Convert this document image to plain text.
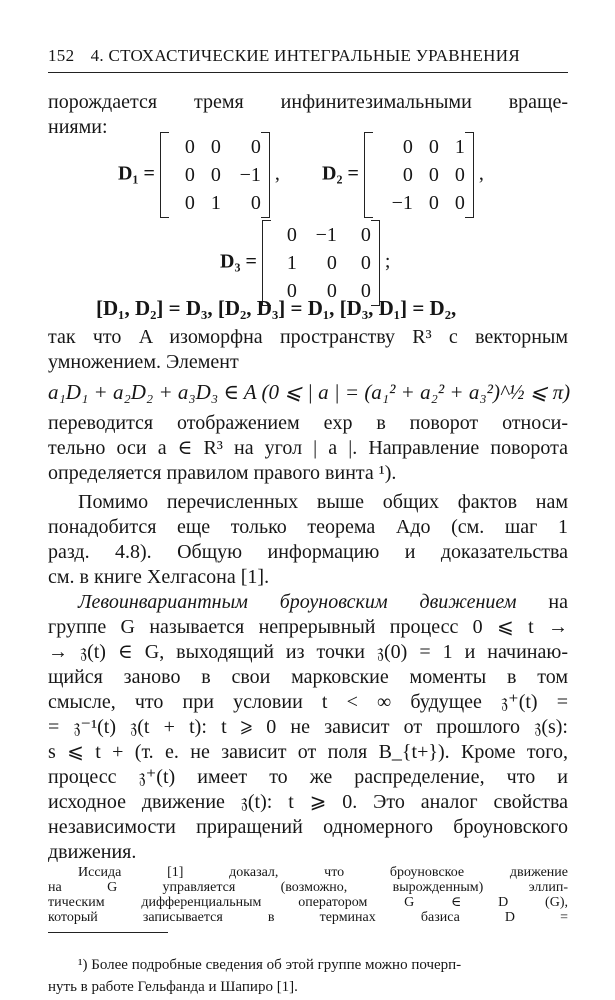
152 4. СТОХАСТИЧЕСКИЕ ИНТЕГРАЛЬНЫЕ УРАВНЕНИЯ

порождается тремя инфинитезимальными враще-

ниями:

D₁ =
0 0	0
0 0 −1
0 1	0
, D₂ =
0 0 1
0 0 0
−1 0 0
,
D₃ =
0 −1	0
1	0	0
0	0	0
;
[D₁, D₂] = D₃, [D₂, D₃] = D₁, [D₃, D₁] = D₂,

так что A изоморфна пространству R³ с векторным

умножением. Элемент

a₁D₁ + a₂D₂ + a₃D₃ ∈ A (0 ⩽ | a | = (a₁² + a₂² + a₃²)^½ ⩽ π)

переводится отображением exp в поворот относи-

тельно оси a ∈ R³ на угол | a |. Направление поворота

определяется правилом правого винта ¹).

Помимо перечисленных выше общих фактов нам

понадобится еще только теорема Адо (см. шаг 1

разд. 4.8). Общую информацию и доказательства

см. в книге Хелгасона [1].

Левоинвариантным броуновским движением на

группе G называется непрерывный процесс 0 ⩽ t →

→ 𝔷(t) ∈ G, выходящий из точки 𝔷(0) = 1 и начинаю-

щийся заново в свои марковские моменты в том

смысле, что при условии t < ∞ будущее 𝔷⁺(t) =

= 𝔷⁻¹(t) 𝔷(t + t): t ⩾ 0 не зависит от прошлого 𝔷(s):

s ⩽ t + (т. е. не зависит от поля B_{t+}). Кроме того,

процесс 𝔷⁺(t) имеет то же распределение, что и

исходное движение 𝔷(t): t ⩾ 0. Это аналог свойства

независимости приращений одномерного броуновского

движения.

¹) Более подробные сведения об этой группе можно почерп-

нуть в работе Гельфанда и Шапиро [1].

Иссида [1] доказал, что броуновское движение

на G управляется (возможно, вырожденным) эллип-

тическим дифференциальным оператором G ∈ D (G),

который записывается в терминах базиса D =
